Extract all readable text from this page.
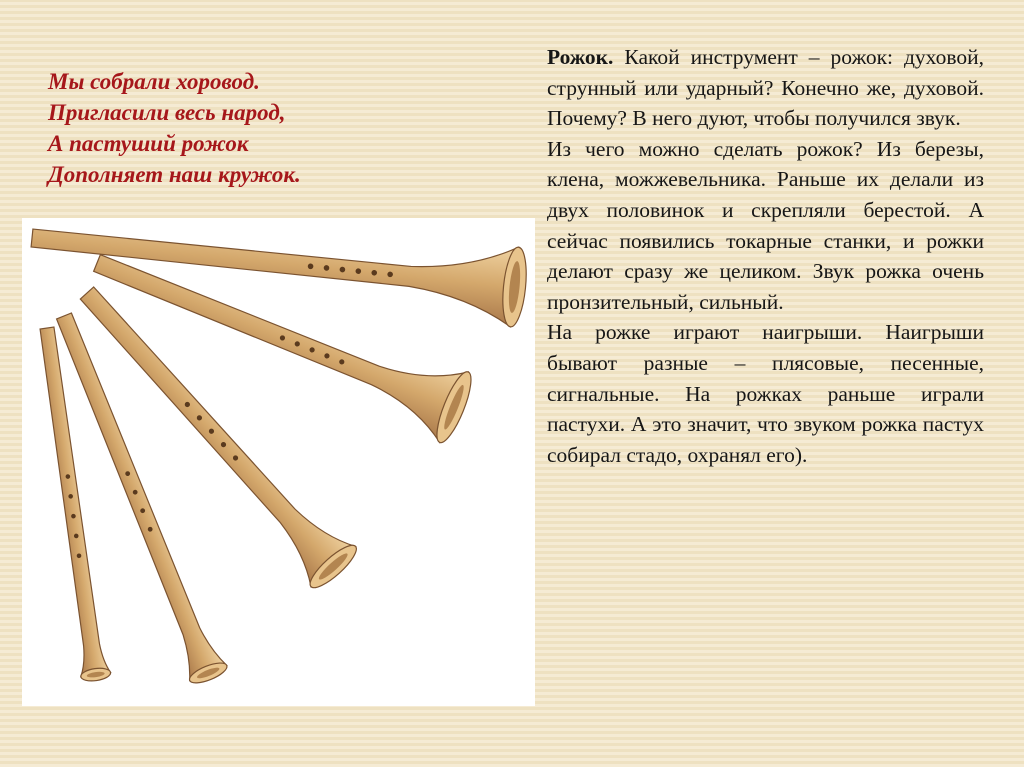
Мы собрали хоровод.
Пригласили весь народ,
А пастуший рожок
Дополняет наш кружок.

Рожок. Какой инструмент – рожок: духовой, струнный или ударный? Конечно же, духовой. Почему? В него дуют, чтобы получился звук.

Из чего можно сделать рожок? Из березы, клена, можжевельника. Раньше их делали из двух половинок и скрепляли берестой. А сейчас появились токарные станки, и рожки делают сразу же целиком. Звук рожка очень пронзительный, сильный.

На рожке играют наигрыши. Наигрыши бывают разные – плясовые, песенные, сигнальные. На рожках раньше играли пастухи. А это значит, что звуком рожка пастух собирал стадо, охранял его).
